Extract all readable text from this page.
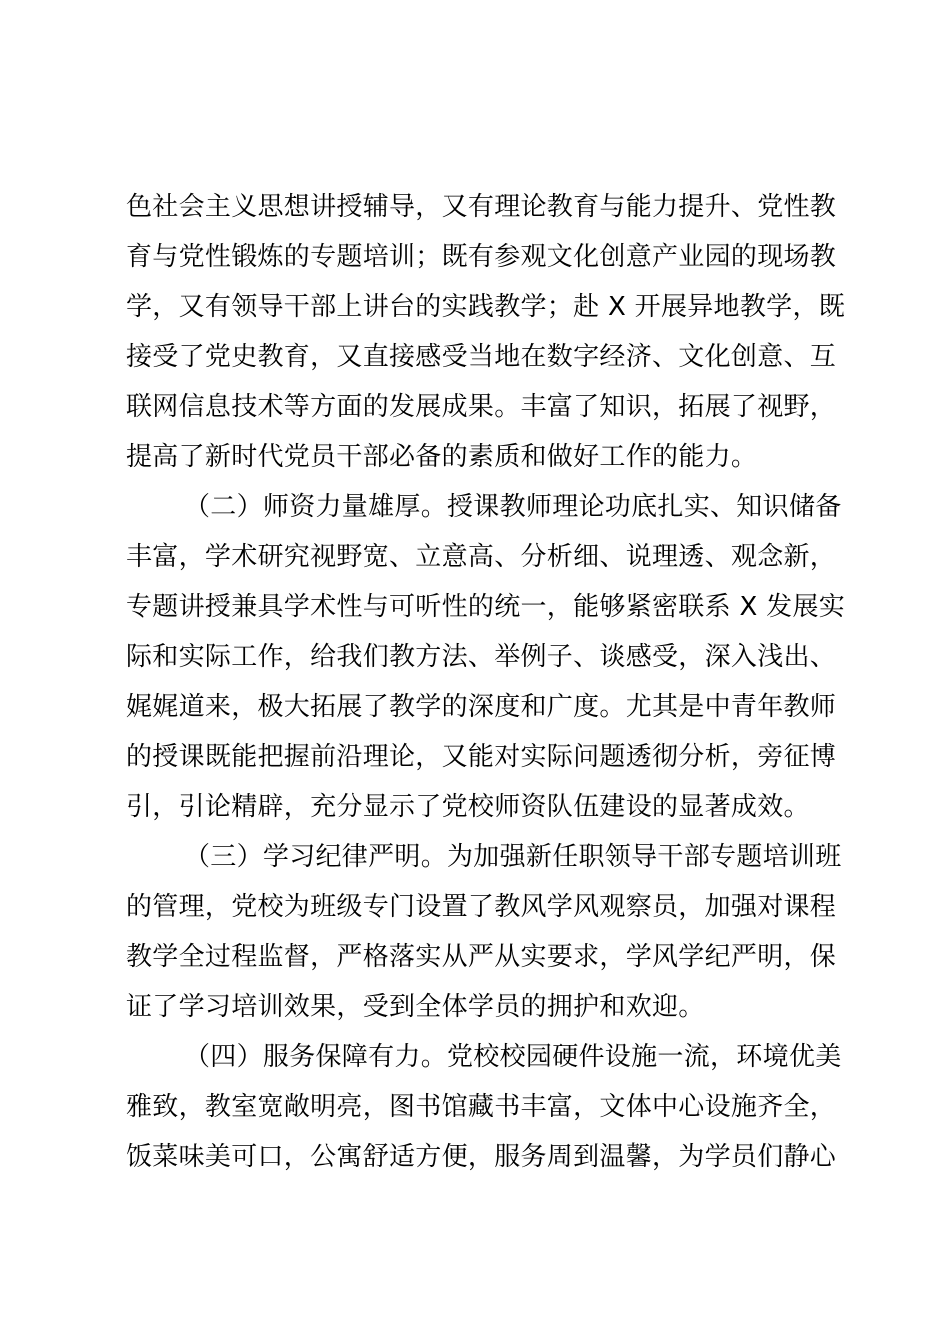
色社会主义思想讲授辅导，又有理论教育与能力提升、党性教
育与党性锻炼的专题培训；既有参观文化创意产业园的现场教
学，又有领导干部上讲台的实践教学；赴 X 开展异地教学，既
接受了党史教育，又直接感受当地在数字经济、文化创意、互
联网信息技术等方面的发展成果。丰富了知识，拓展了视野，
提高了新时代党员干部必备的素质和做好工作的能力。
（二）师资力量雄厚。授课教师理论功底扎实、知识储备
丰富，学术研究视野宽、立意高、分析细、说理透、观念新，
专题讲授兼具学术性与可听性的统一，能够紧密联系 X 发展实
际和实际工作，给我们教方法、举例子、谈感受，深入浅出、
娓娓道来，极大拓展了教学的深度和广度。尤其是中青年教师
的授课既能把握前沿理论，又能对实际问题透彻分析，旁征博
引，引论精辟，充分显示了党校师资队伍建设的显著成效。
（三）学习纪律严明。为加强新任职领导干部专题培训班
的管理，党校为班级专门设置了教风学风观察员，加强对课程
教学全过程监督，严格落实从严从实要求，学风学纪严明，保
证了学习培训效果，受到全体学员的拥护和欢迎。
（四）服务保障有力。党校校园硬件设施一流，环境优美
雅致，教室宽敞明亮，图书馆藏书丰富，文体中心设施齐全，
饭菜味美可口，公寓舒适方便，服务周到温馨，为学员们静心
